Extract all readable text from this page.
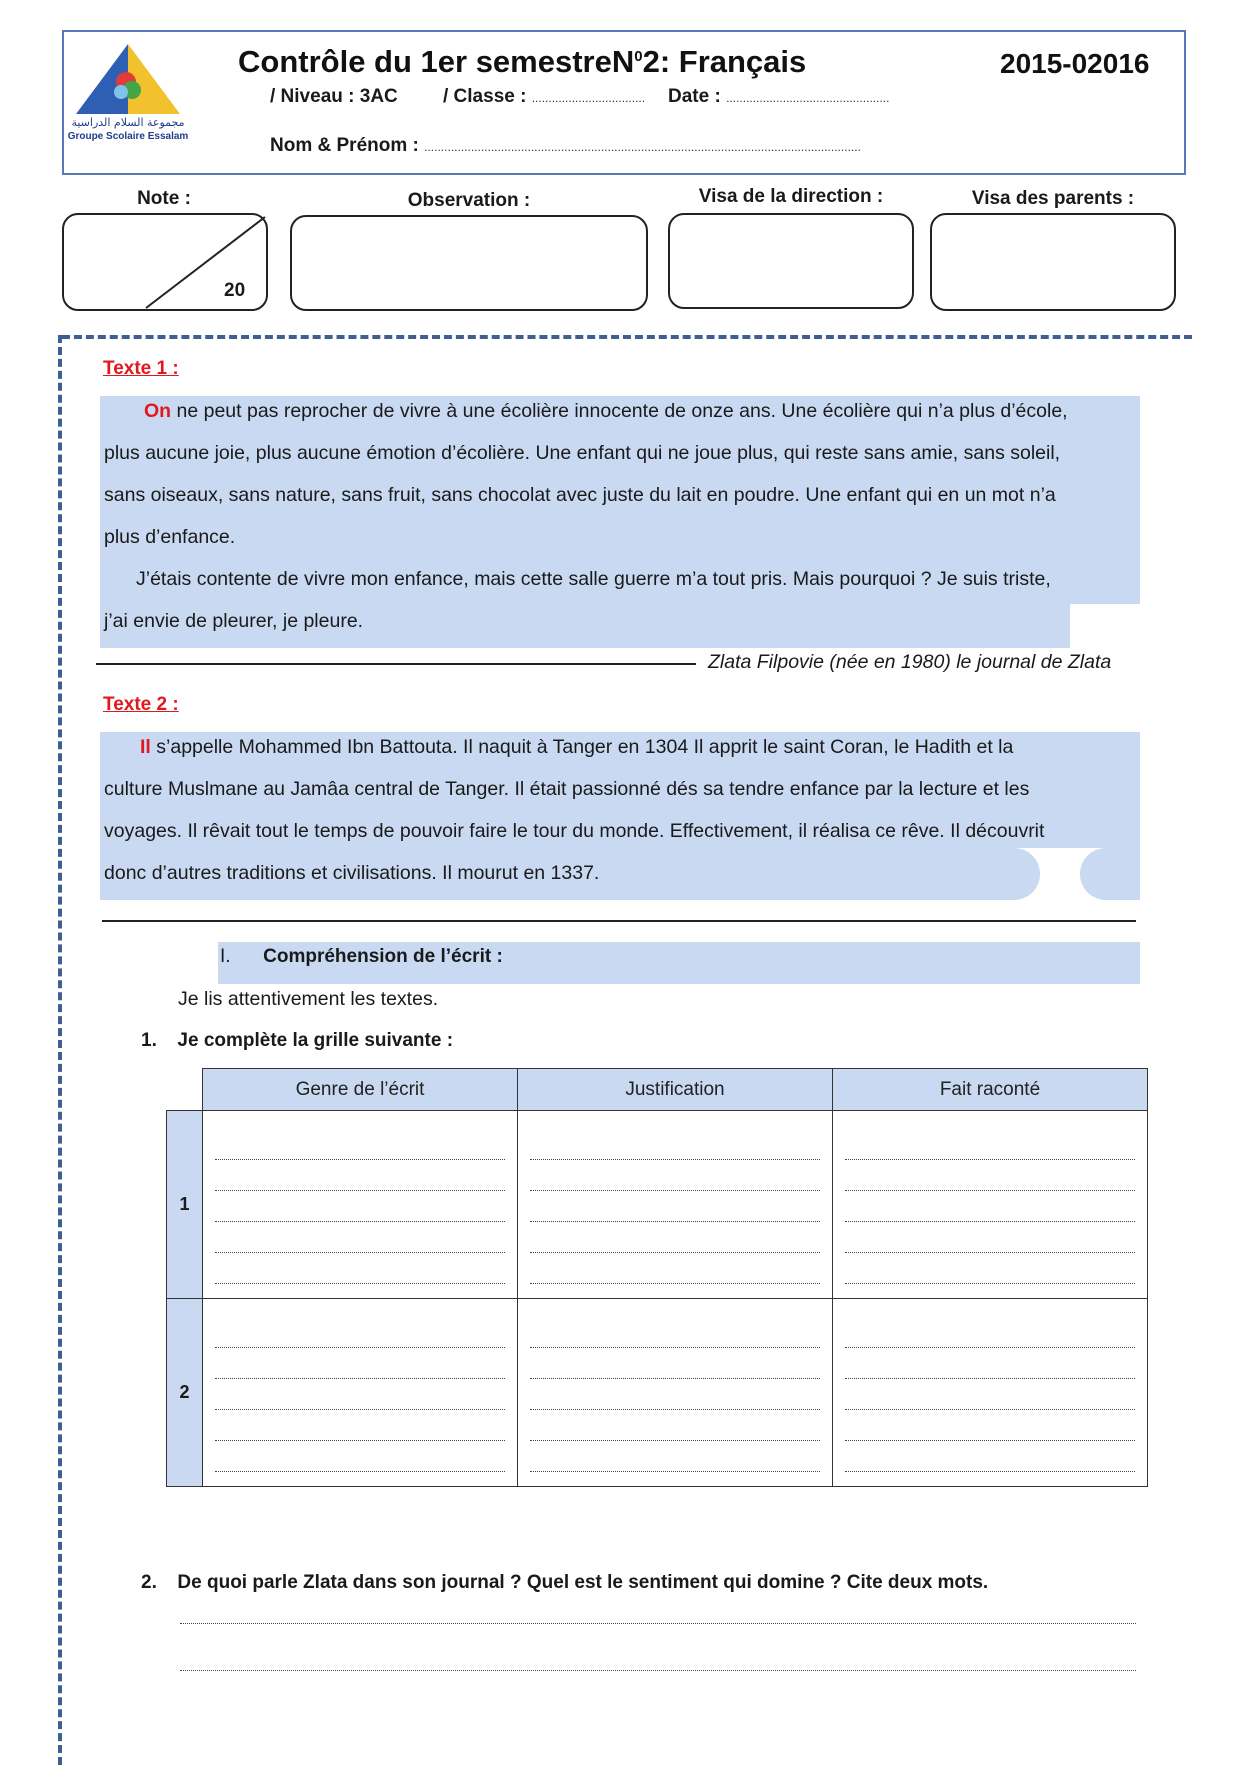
مجموعة السلام الدراسية
Groupe Scolaire Essalam
Contrôle du 1er semestreN$^0$2: Français	2015-02016
/ Niveau : 3AC / Classe : .................................. Date : .................................................
Nom & Prénom : ...................................................................................................................................
Note :
20
Observation :	Visa de la direction :	Visa des parents :
Texte 1 :
On ne peut pas reprocher de vivre à une écolière innocente de onze ans. Une écolière qui n’a plus d’école,
plus aucune joie, plus aucune émotion d’écolière. Une enfant qui ne joue plus, qui reste sans amie, sans soleil,
sans oiseaux, sans nature, sans fruit, sans chocolat avec juste du lait en poudre. Une enfant qui en un mot n’a
plus d’enfance.
J’étais contente de vivre mon enfance, mais cette salle guerre m’a tout pris. Mais pourquoi ? Je suis triste,
j’ai envie de pleurer, je pleure.
Zlata Filpovie (née en 1980) le journal de Zlata
Texte 2 :
Il s’appelle Mohammed Ibn Battouta. Il naquit à Tanger en 1304 Il apprit le saint Coran, le Hadith et la
culture Muslmane au Jamâa central de Tanger. Il était passionné dés sa tendre enfance par la lecture et les
voyages. Il rêvait tout le temps de pouvoir faire le tour du monde. Effectivement, il réalisa ce rêve. Il découvrit
donc d’autres traditions et civilisations. Il mourut en 1337.
I. Compréhension de l’écrit :
Je lis attentivement les textes.
1. Je complète la grille suivante :
	Genre de l’écrit	Justification	Fait raconté
1	

2	

2. De quoi parle Zlata dans son journal ? Quel est le sentiment qui domine ? Cite deux mots.
